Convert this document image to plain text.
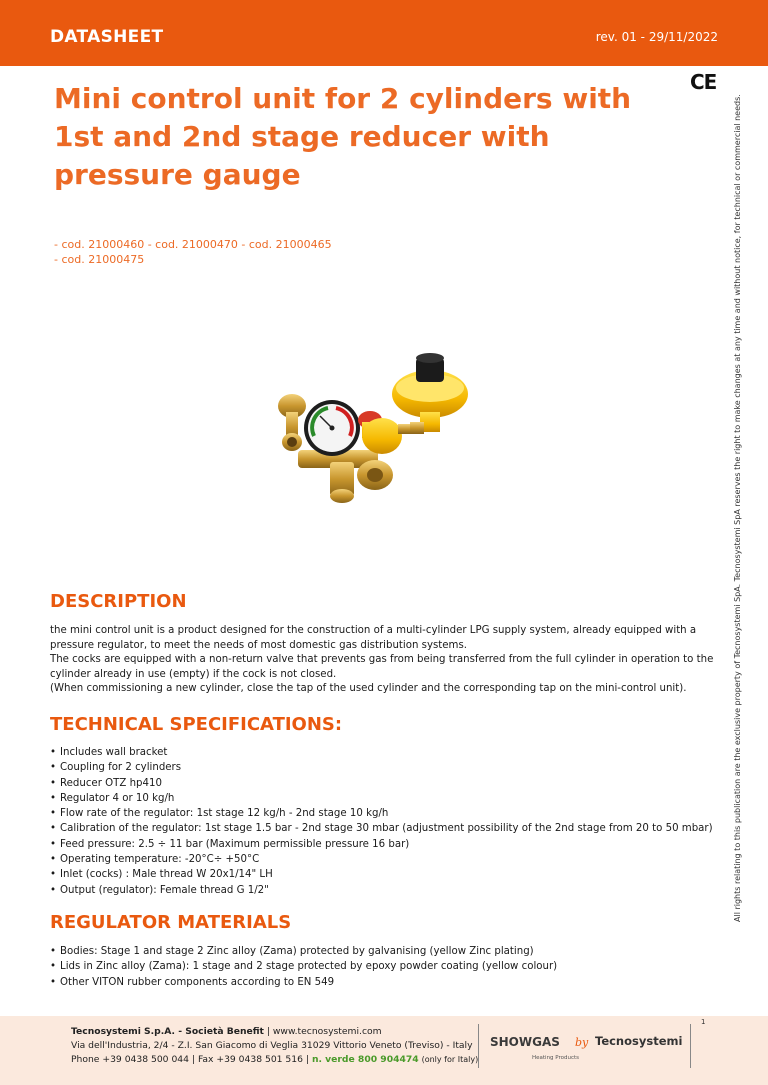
DATASHEET	rev. 01 - 29/11/2022
CE
Mini control unit for 2 cylinders with 1st and 2nd stage reducer with pressure gauge
- cod. 21000460 - cod. 21000470 - cod. 21000465
- cod. 21000475	All rights relating to this publication are the exclusive property of Tecnosystemi SpA. Tecnosystemi SpA reserves the right to make changes at any time and without notice, for technical or commercial needs.
DESCRIPTION

the mini control unit is a product designed for the construction of a multi-cylinder LPG supply system, already equipped with a pressure regulator, to meet the needs of most domestic gas distribution systems.

The cocks are equipped with a non-return valve that prevents gas from being transferred from the full cylinder in operation to the cylinder already in use (empty) if the cock is not closed.

(When commissioning a new cylinder, close the tap of the used cylinder and the corresponding tap on the mini-control unit).

TECHNICAL SPECIFICATIONS:
• Includes wall bracket
• Coupling for 2 cylinders
• Reducer OTZ hp410
• Regulator 4 or 10 kg/h
• Flow rate of the regulator: 1st stage 12 kg/h - 2nd stage 10 kg/h
• Calibration of the regulator: 1st stage 1.5 bar - 2nd stage 30 mbar (adjustment possibility of the 2nd stage from 20 to 50 mbar)
• Feed pressure: 2.5 ÷ 11 bar (Maximum permissible pressure 16 bar)
• Operating temperature: -20°C÷ +50°C
• Inlet (cocks) : Male thread W 20x1/14" LH
• Output (regulator): Female thread G 1/2"
REGULATOR MATERIALS
• Bodies: Stage 1 and stage 2 Zinc alloy (Zama) protected by galvanising (yellow Zinc plating)
• Lids in Zinc alloy (Zama): 1 stage and 2 stage protected by epoxy powder coating (yellow colour)
• Other VITON rubber components according to EN 549
1
Tecnosystemi S.p.A. - Società Benefit | www.tecnosystemi.com
Via dell'Industria, 2/4 - Z.I. San Giacomo di Veglia 31029 Vittorio Veneto (Treviso) - Italy
Phone +39 0438 500 044 | Fax +39 0438 501 516 | n. verde 800 904474 (only for Italy)
SHOWGAS
Heating Products
by Tecnosystemi
